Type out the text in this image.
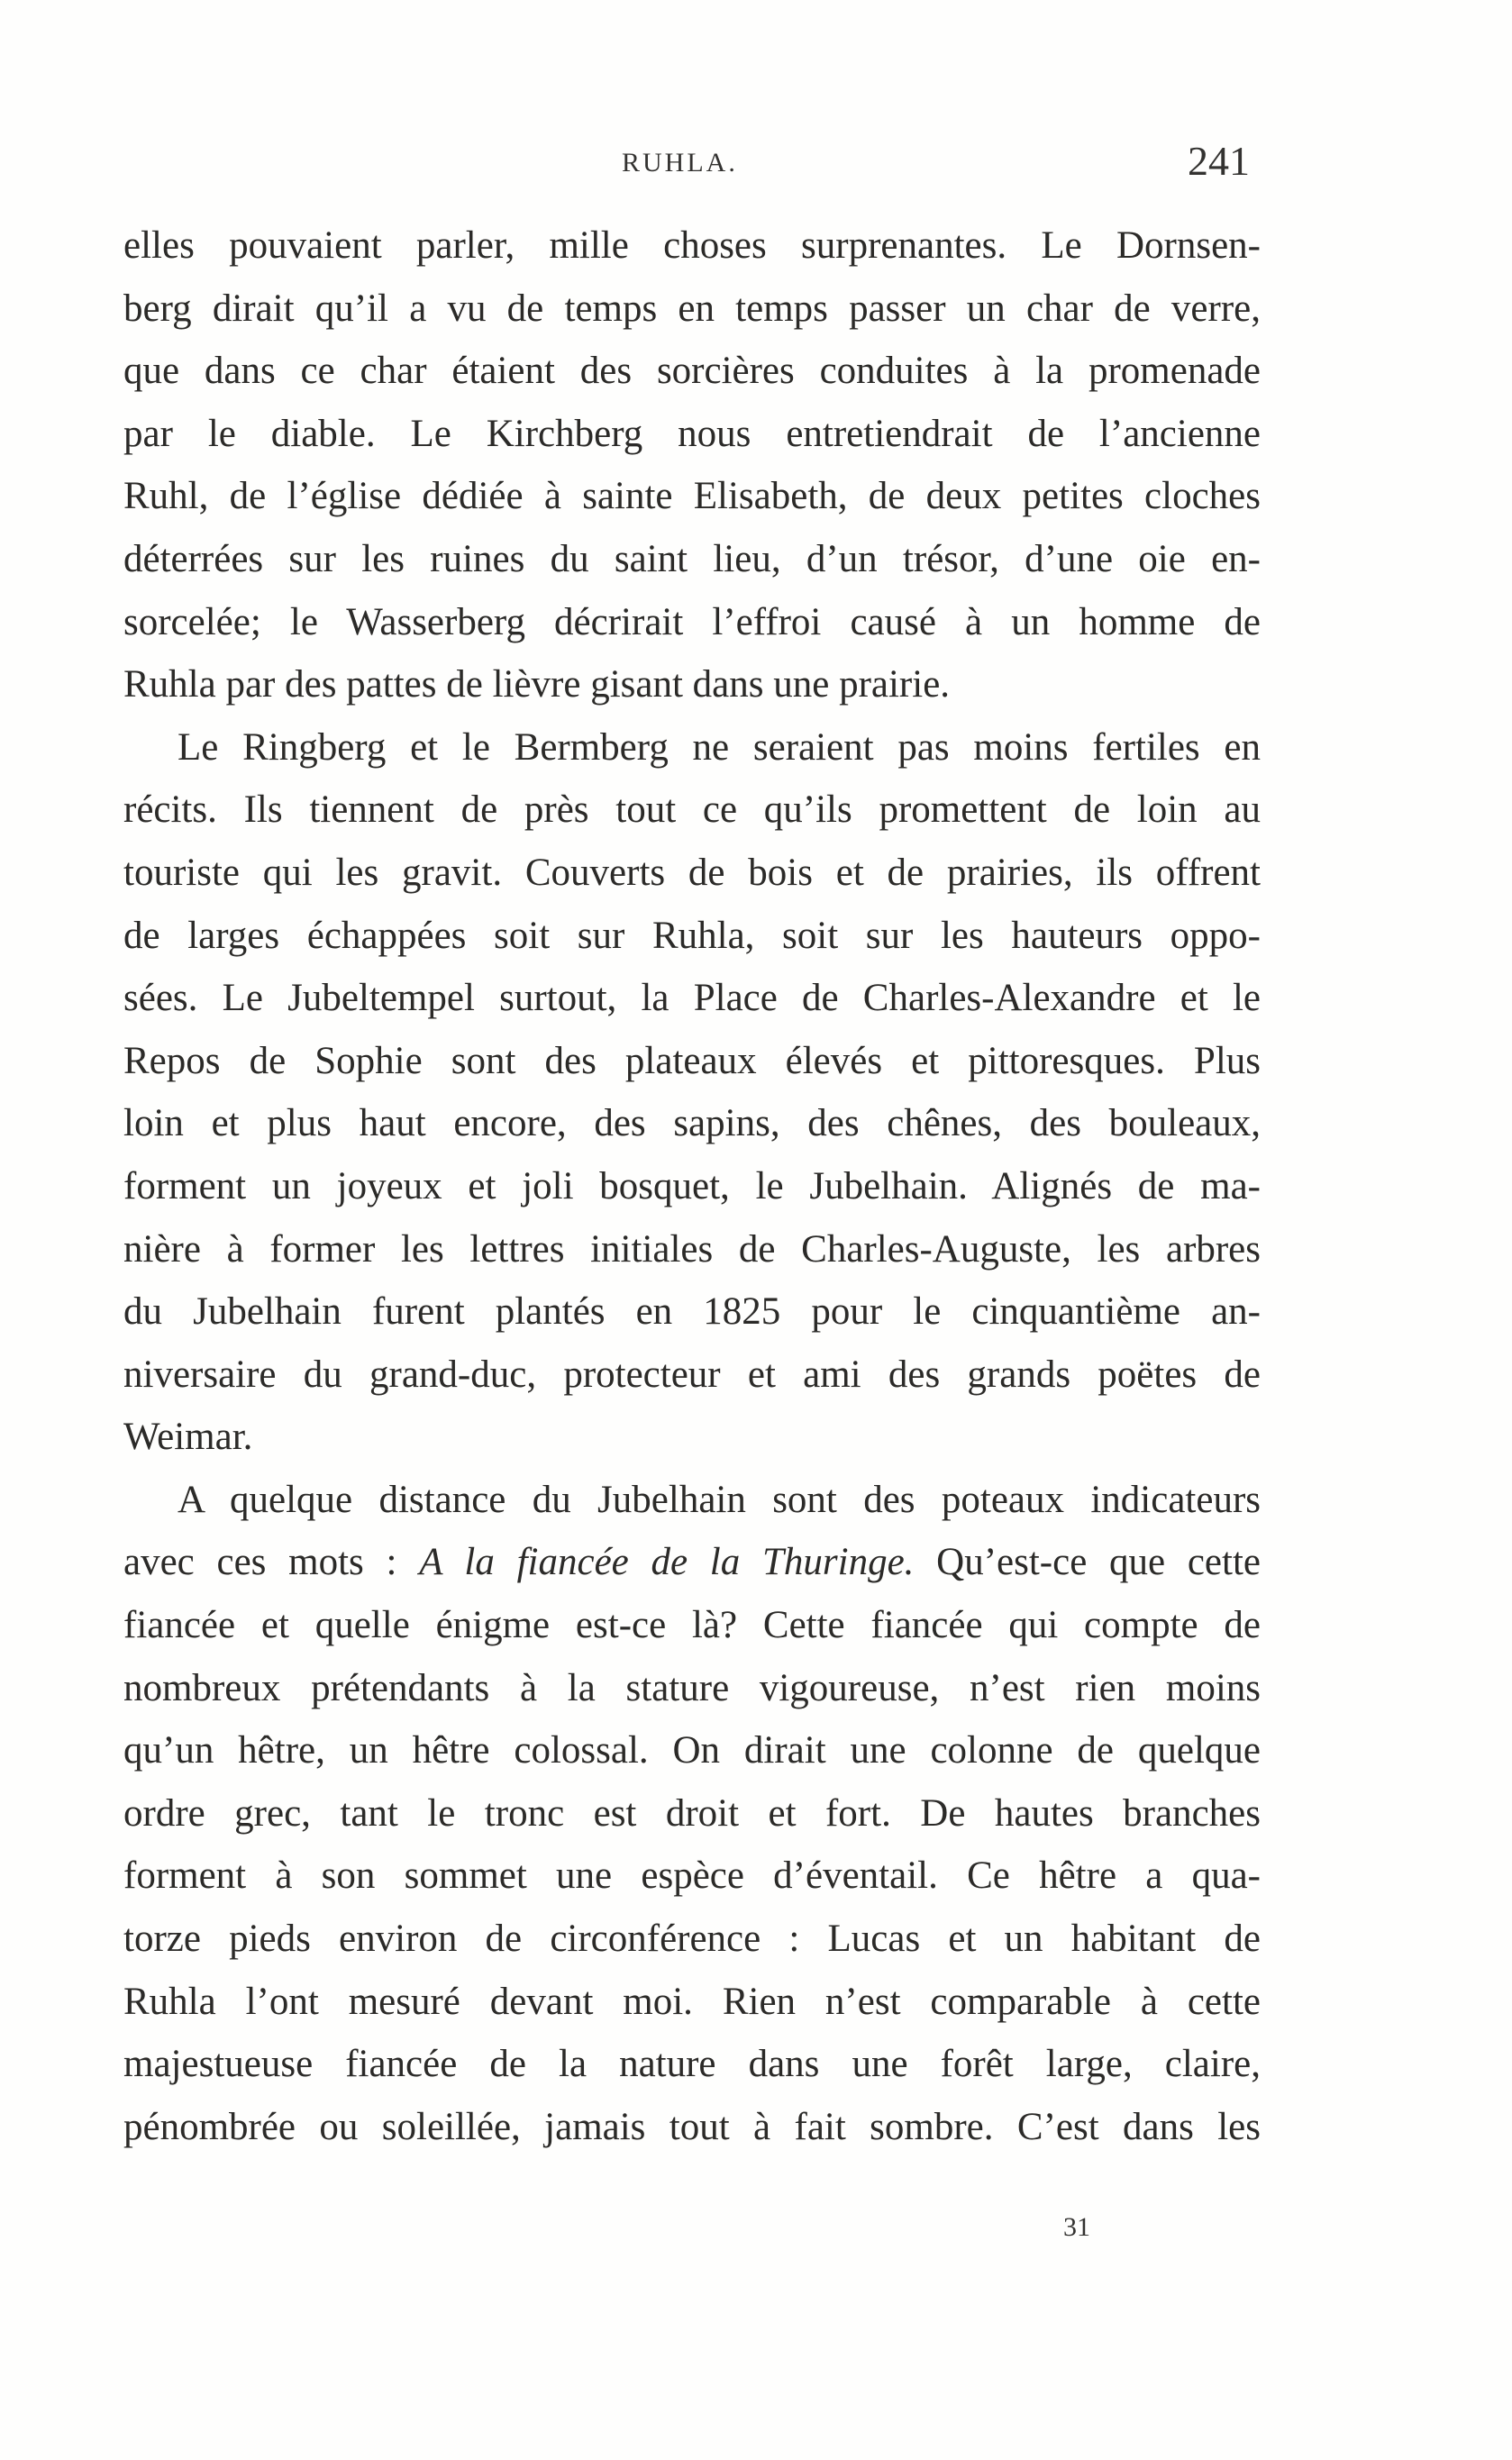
RUHLA.	241
elles pouvaient parler, mille choses surprenantes. Le Dornsen-
berg dirait qu’il a vu de temps en temps passer un char de verre,
que dans ce char étaient des sorcières conduites à la promenade
par le diable. Le Kirchberg nous entretiendrait de l’ancienne
Ruhl, de l’église dédiée à sainte Elisabeth, de deux petites cloches
déterrées sur les ruines du saint lieu, d’un trésor, d’une oie en-
sorcelée; le Wasserberg décrirait l’effroi causé à un homme de
Ruhla par des pattes de lièvre gisant dans une prairie.
Le Ringberg et le Bermberg ne seraient pas moins fertiles en
récits. Ils tiennent de près tout ce qu’ils promettent de loin au
touriste qui les gravit. Couverts de bois et de prairies, ils offrent
de larges échappées soit sur Ruhla, soit sur les hauteurs oppo-
sées. Le Jubeltempel surtout, la Place de Charles-Alexandre et le
Repos de Sophie sont des plateaux élevés et pittoresques. Plus
loin et plus haut encore, des sapins, des chênes, des bouleaux,
forment un joyeux et joli bosquet, le Jubelhain. Alignés de ma-
nière à former les lettres initiales de Charles-Auguste, les arbres
du Jubelhain furent plantés en 1825 pour le cinquantième an-
niversaire du grand-duc, protecteur et ami des grands poëtes de
Weimar.
A quelque distance du Jubelhain sont des poteaux indicateurs
avec ces mots : A la fiancée de la Thuringe. Qu’est-ce que cette
fiancée et quelle énigme est-ce là? Cette fiancée qui compte de
nombreux prétendants à la stature vigoureuse, n’est rien moins
qu’un hêtre, un hêtre colossal. On dirait une colonne de quelque
ordre grec, tant le tronc est droit et fort. De hautes branches
forment à son sommet une espèce d’éventail. Ce hêtre a qua-
torze pieds environ de circonférence : Lucas et un habitant de
Ruhla l’ont mesuré devant moi. Rien n’est comparable à cette
majestueuse fiancée de la nature dans une forêt large, claire,
pénombrée ou soleillée, jamais tout à fait sombre. C’est dans les
31
